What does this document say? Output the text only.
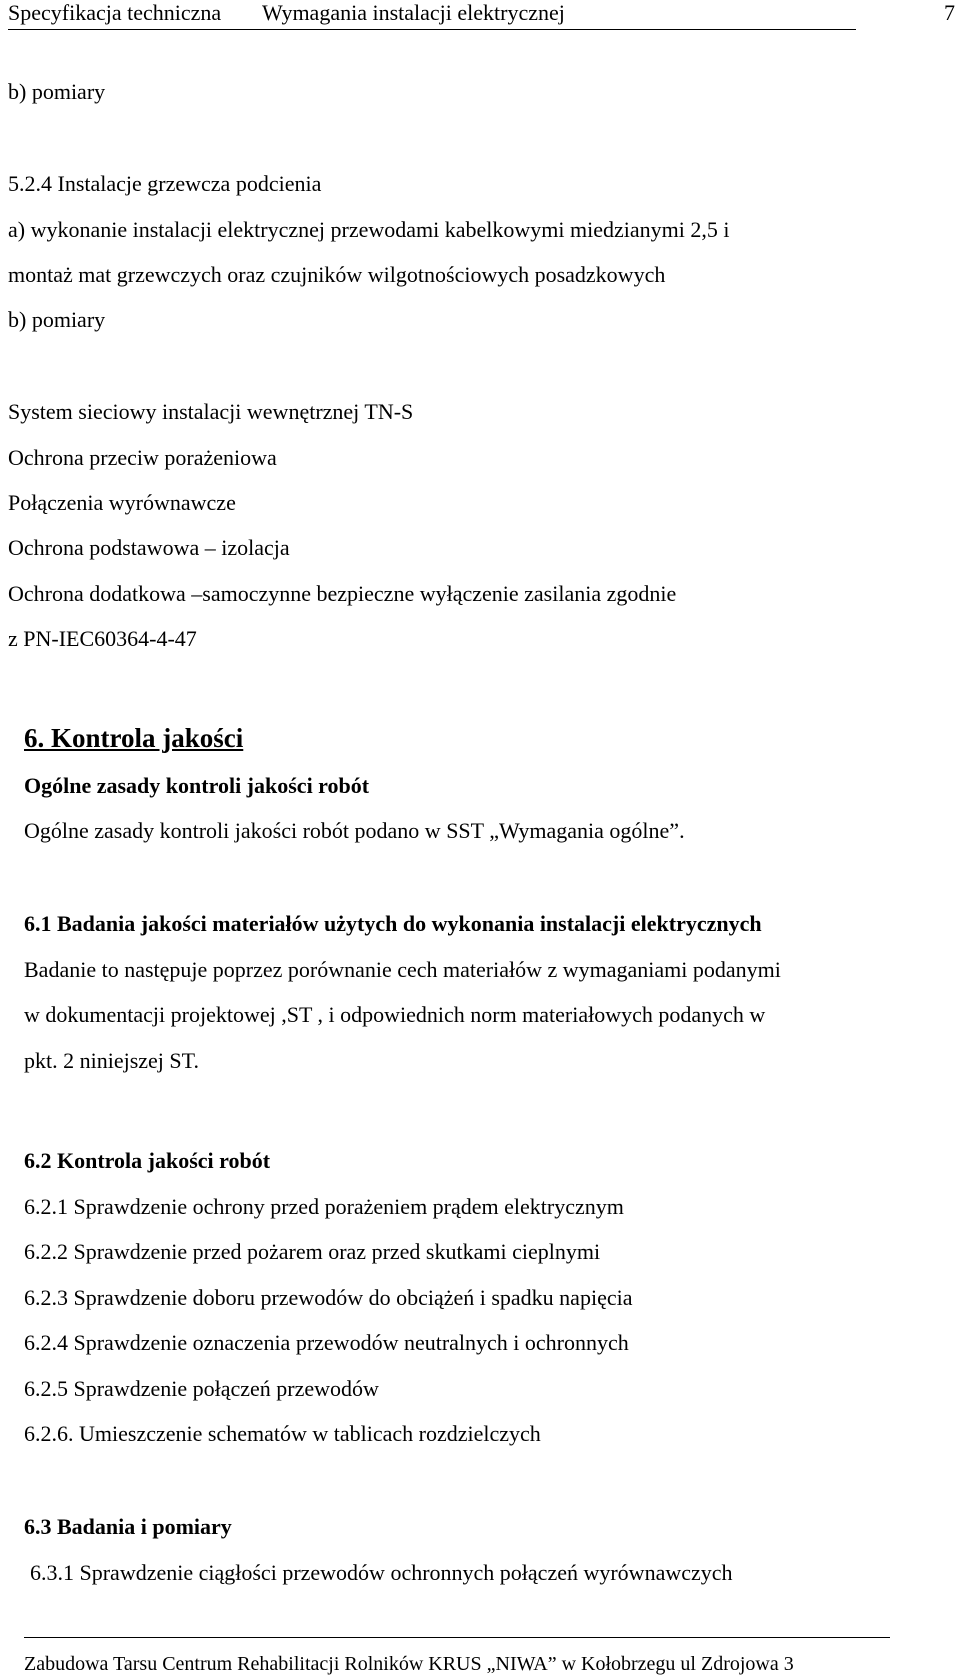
Specyfikacja techniczna Wymagania instalacji elektrycznej	7
b) pomiary
5.2.4 Instalacje grzewcza podcienia
a) wykonanie instalacji elektrycznej przewodami kabelkowymi miedzianymi 2,5 i
montaż mat grzewczych oraz czujników wilgotnościowych posadzkowych
b) pomiary
System sieciowy instalacji wewnętrznej TN-S
Ochrona przeciw porażeniowa
Połączenia wyrównawcze
Ochrona podstawowa – izolacja
Ochrona dodatkowa –samoczynne bezpieczne wyłączenie zasilania zgodnie
z PN-IEC60364-4-47
6. Kontrola jakości
Ogólne zasady kontroli jakości robót
Ogólne zasady kontroli jakości robót podano w SST „Wymagania ogólne”.
6.1 Badania jakości materiałów użytych do wykonania instalacji elektrycznych
Badanie to następuje poprzez porównanie cech materiałów z wymaganiami podanymi
w dokumentacji projektowej ,ST , i odpowiednich norm materiałowych podanych w
pkt. 2 niniejszej ST.
6.2 Kontrola jakości robót
6.2.1 Sprawdzenie ochrony przed porażeniem prądem elektrycznym
6.2.2 Sprawdzenie przed pożarem oraz przed skutkami cieplnymi
6.2.3 Sprawdzenie doboru przewodów do obciążeń i spadku napięcia
6.2.4 Sprawdzenie oznaczenia przewodów neutralnych i ochronnych
6.2.5 Sprawdzenie połączeń przewodów
6.2.6. Umieszczenie schematów w tablicach rozdzielczych
6.3 Badania i pomiary
6.3.1 Sprawdzenie ciągłości przewodów ochronnych połączeń wyrównawczych
Zabudowa Tarsu Centrum Rehabilitacji Rolników KRUS „NIWA” w Kołobrzegu ul Zdrojowa 3
